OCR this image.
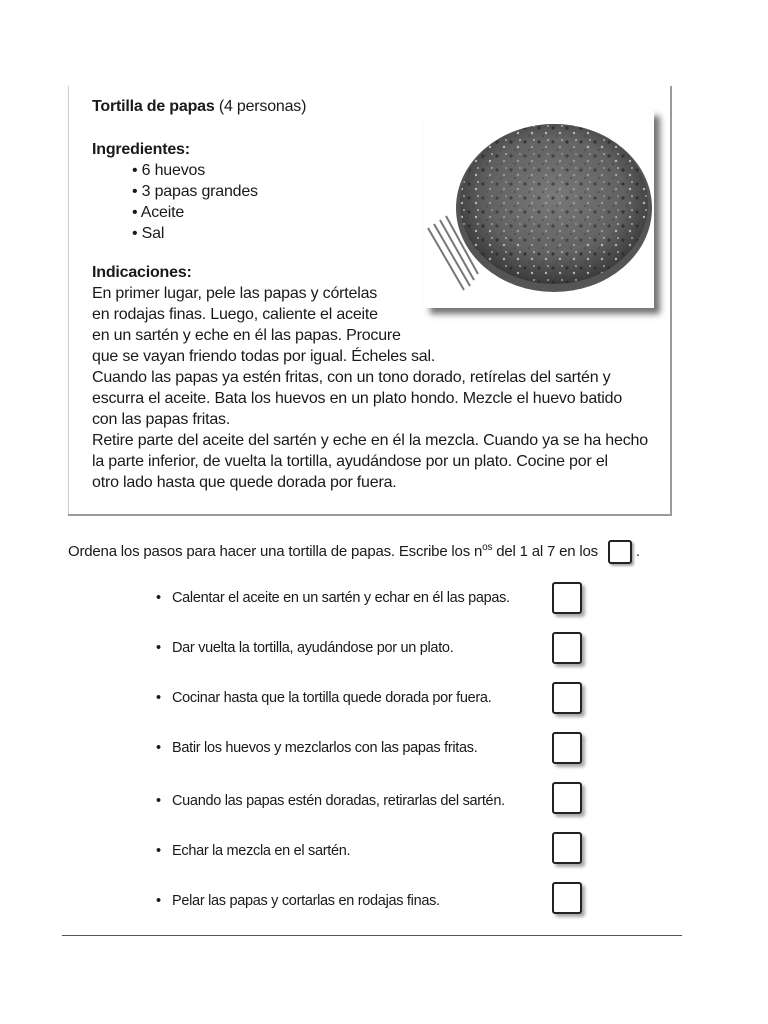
Tortilla de papas (4 personas)

Ingredientes:

• 6 huevos
• 3 papas grandes
• Aceite
• Sal

Indicaciones:

En primer lugar, pele las papas y córtelas
en rodajas finas. Luego, caliente el aceite
en un sartén y eche en él las papas. Procure
que se vayan friendo todas por igual. Écheles sal.
Cuando las papas ya estén fritas, con un tono dorado, retírelas del sartén y
escurra el aceite. Bata los huevos en un plato hondo. Mezcle el huevo batido
con las papas fritas.
Retire parte del aceite del sartén y eche en él la mezcla. Cuando ya se ha hecho
la parte inferior, de vuelta la tortilla, ayudándose por un plato. Cocine por el
otro lado hasta que quede dorada por fuera.
Ordena los pasos para hacer una tortilla de papas. Escribe los $n^{os}$ del 1 al 7 en los	.
• Calentar el aceite en un sartén y echar en él las papas.
• Dar vuelta la tortilla, ayudándose por un plato.
• Cocinar hasta que la tortilla quede dorada por fuera.
• Batir los huevos y mezclarlos con las papas fritas.
• Cuando las papas estén doradas, retirarlas del sartén.
• Echar la mezcla en el sartén.
• Pelar las papas y cortarlas en rodajas finas.
